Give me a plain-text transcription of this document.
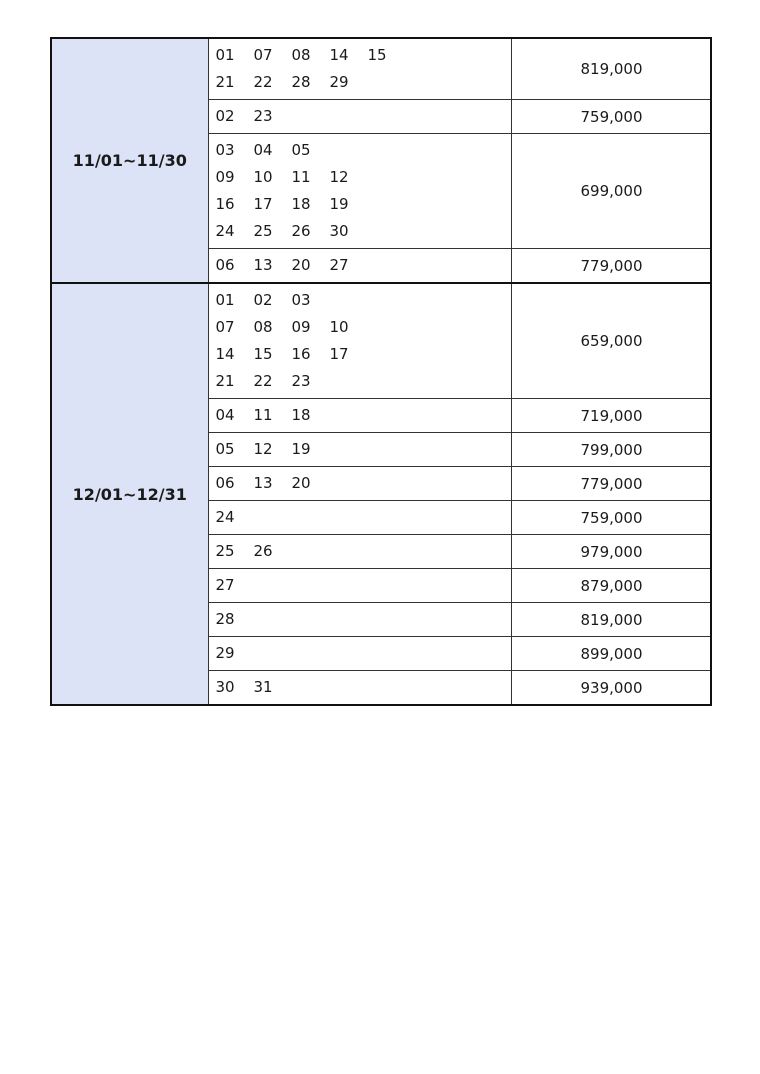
11/01~11/30	01 07 08 14 15
21 22 28 29	819,000

	02 23	759,000

	03 04 05
09 10 11 12
16 17 18 19
24 25 26 30	699,000

	06 13 20 27	779,000
12/01~12/31	01 02 03
07 08 09 10
14 15 16 17
21 22 23	659,000

	04 11 18	719,000

	05 12 19	799,000

	06 13 20	779,000

	24	759,000

	25 26	979,000

	27	879,000

	28	819,000

	29	899,000

	30 31	939,000
